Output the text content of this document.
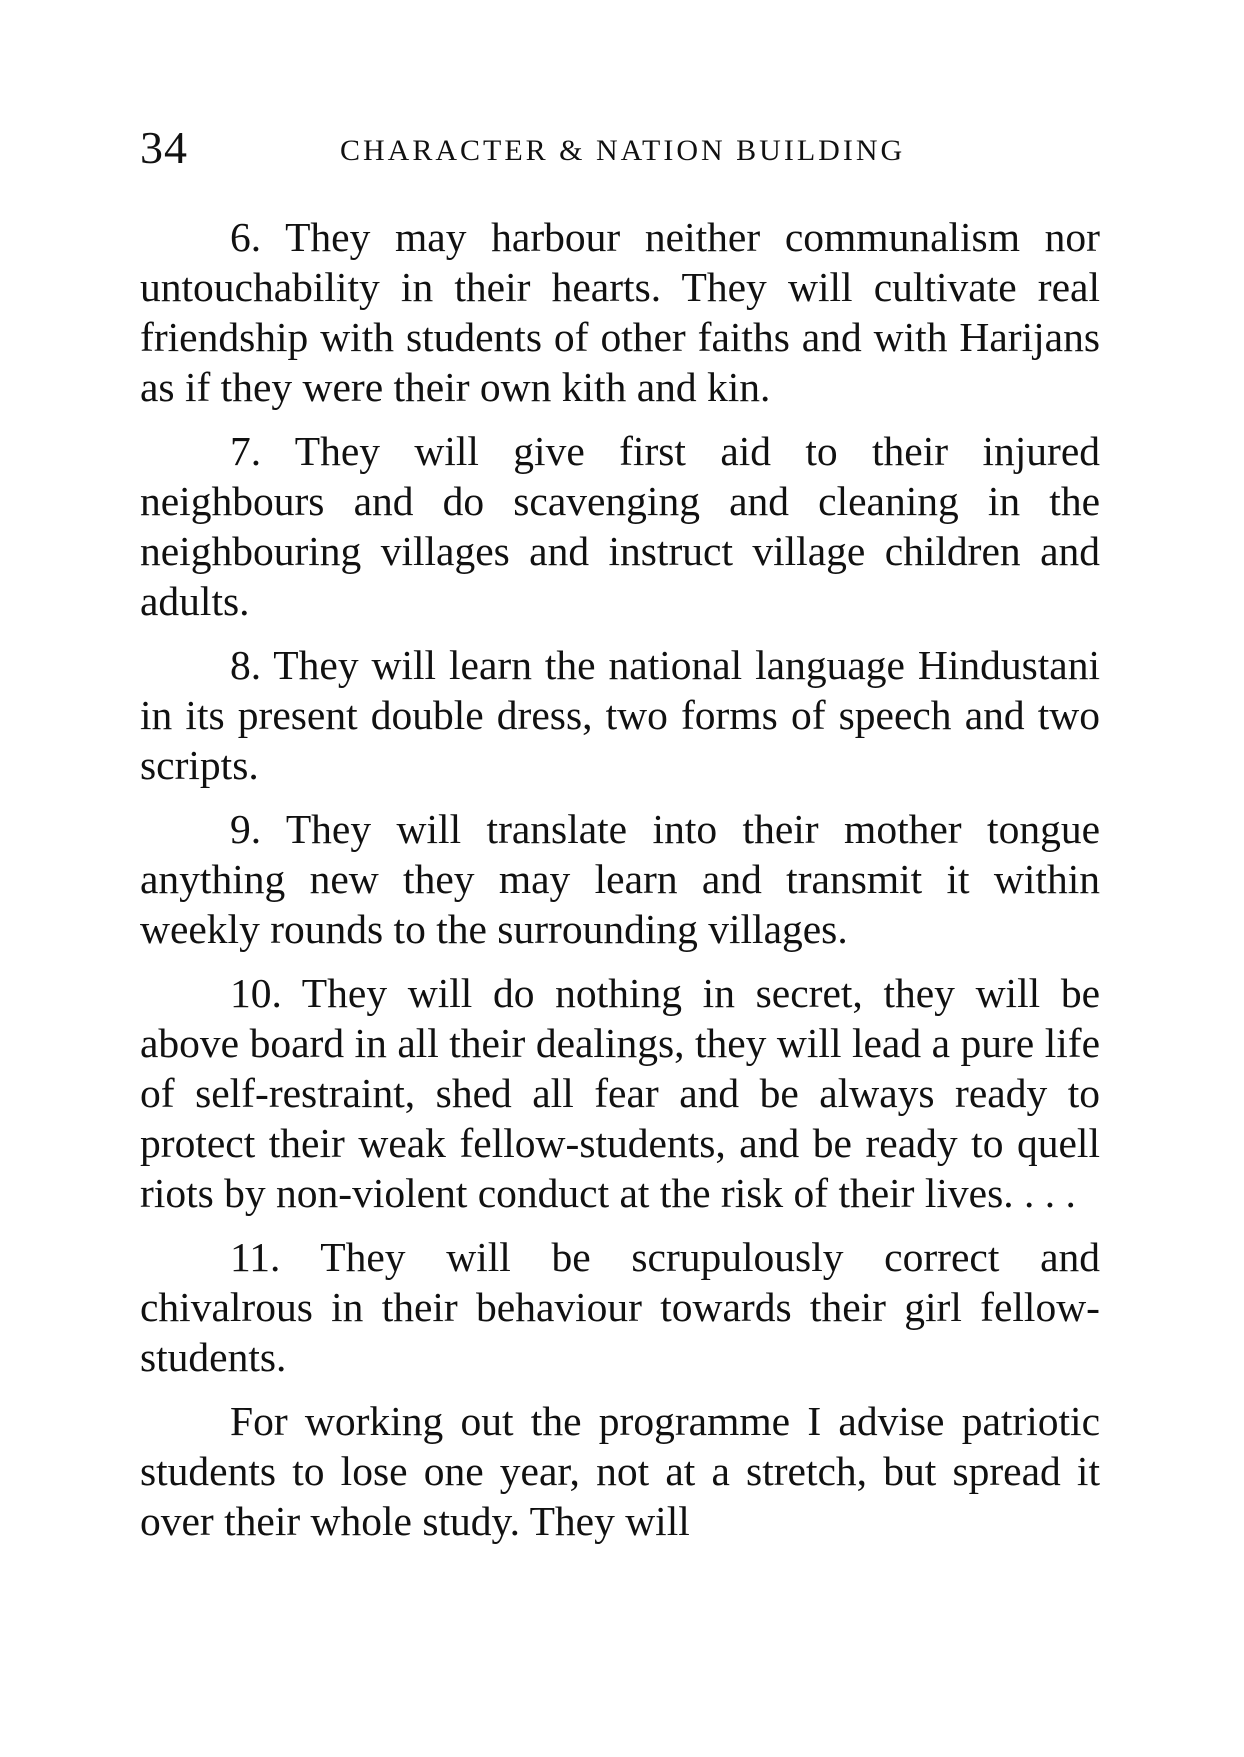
34	CHARACTER & NATION BUILDING

6. They may harbour neither communalism nor untouchability in their hearts. They will cultivate real friendship with students of other faiths and with Harijans as if they were their own kith and kin.

7. They will give first aid to their injured neighbours and do scavenging and cleaning in the neighbouring villages and instruct village children and adults.

8. They will learn the national language Hindustani in its present double dress, two forms of speech and two scripts.

9. They will translate into their mother tongue anything new they may learn and transmit it within weekly rounds to the surrounding villages.

10. They will do nothing in secret, they will be above board in all their dealings, they will lead a pure life of self-restraint, shed all fear and be always ready to protect their weak fellow-students, and be ready to quell riots by non-violent conduct at the risk of their lives. . . .

11. They will be scrupulously correct and chivalrous in their behaviour towards their girl fellow-students.

For working out the programme I advise patriotic students to lose one year, not at a stretch, but spread it over their whole study. They will
